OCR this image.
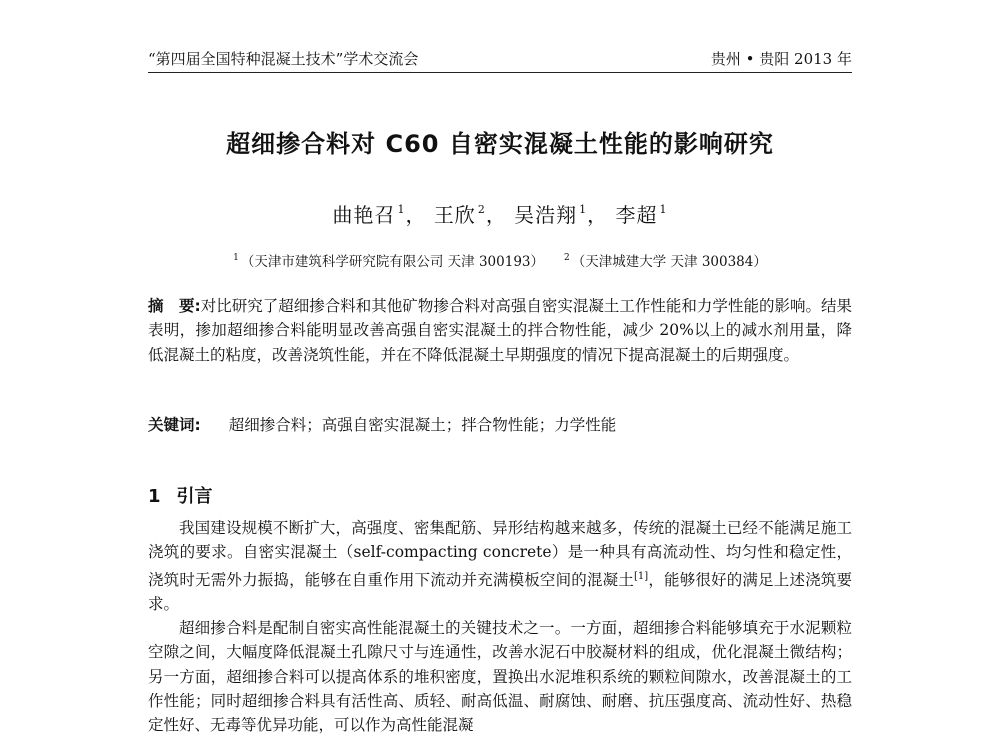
“第四届全国特种混凝土技术”学术交流会	贵州 • 贵阳 2013 年
超细掺合料对 C60 自密实混凝土性能的影响研究
曲艳召 $^1$， 王欣 $^2$， 吴浩翔 $^1$， 李超 $^1$
$^1$ （天津市建筑科学研究院有限公司 天津 300193） $^2$ （天津城建大学 天津 300384）
摘　要:对比研究了超细掺合料和其他矿物掺合料对高强自密实混凝土工作性能和力学性能的影响。结果表明，掺加超细掺合料能明显改善高强自密实混凝土的拌合物性能，减少 20%以上的减水剂用量，降低混凝土的粘度，改善浇筑性能，并在不降低混凝土早期强度的情况下提高混凝土的后期强度。
关键词: 超细掺合料；高强自密实混凝土；拌合物性能；力学性能
1 引言

我国建设规模不断扩大，高强度、密集配筋、异形结构越来越多，传统的混凝土已经不能满足施工浇筑的要求。自密实混凝土（self-compacting concrete）是一种具有高流动性、均匀性和稳定性，浇筑时无需外力振捣，能够在自重作用下流动并充满模板空间的混凝土[1]，能够很好的满足上述浇筑要求。

超细掺合料是配制自密实高性能混凝土的关键技术之一。一方面，超细掺合料能够填充于水泥颗粒空隙之间，大幅度降低混凝土孔隙尺寸与连通性，改善水泥石中胶凝材料的组成，优化混凝土微结构；另一方面，超细掺合料可以提高体系的堆积密度，置换出水泥堆积系统的颗粒间隙水，改善混凝土的工作性能；同时超细掺合料具有活性高、质轻、耐高低温、耐腐蚀、耐磨、抗压强度高、流动性好、热稳定性好、无毒等优异功能，可以作为高性能混凝
